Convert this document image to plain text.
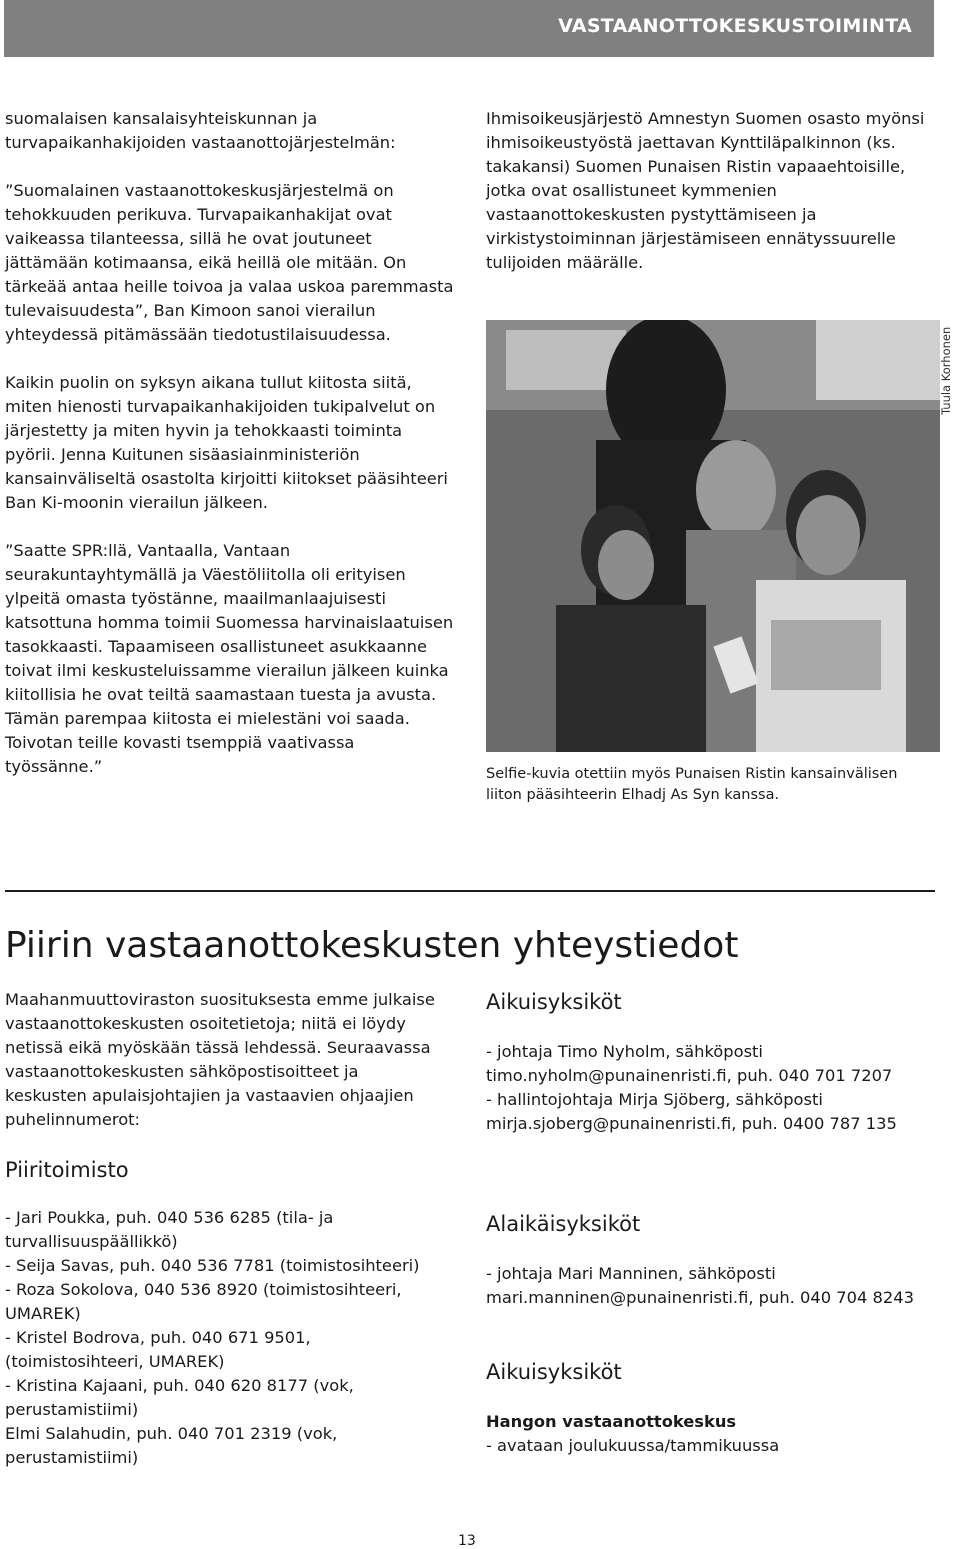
VASTAANOTTOKESKUSTOIMINTA

suomalaisen kansalaisyhteiskunnan ja turvapaikanhakijoiden vastaanottojärjestelmän:

”Suomalainen vastaanottokeskusjärjestelmä on tehokkuuden perikuva. Turvapaikanhakijat ovat vaikeassa tilanteessa, sillä he ovat joutuneet jättämään kotimaansa, eikä heillä ole mitään. On tärkeää antaa heille toivoa ja valaa uskoa paremmasta tulevaisuudesta”, Ban Kimoon sanoi vierailun yhteydessä pitämässään tiedotustilaisuudessa.

Kaikin puolin on syksyn aikana tullut kiitosta siitä, miten hienosti turvapaikanhakijoiden tukipalvelut on järjestetty ja miten hyvin ja tehokkaasti toiminta pyörii. Jenna Kuitunen sisäasiainministeriön kansainväliseltä osastolta kirjoitti kiitokset pääsihteeri Ban Ki-moonin vierailun jälkeen.

”Saatte SPR:llä, Vantaalla, Vantaan seurakuntayhtymällä ja Väestöliitolla oli erityisen ylpeitä omasta työstänne, maailmanlaajuisesti katsottuna homma toimii Suomessa harvinaislaatuisen tasokkaasti. Tapaamiseen osallistuneet asukkaanne toivat ilmi keskusteluissamme vierailun jälkeen kuinka kiitollisia he ovat teiltä saamastaan tuesta ja avusta. Tämän parempaa kiitosta ei mielestäni voi saada. Toivotan teille kovasti tsemppiä vaativassa työssänne.”

Ihmisoikeusjärjestö Amnestyn Suomen osasto myönsi ihmisoikeustyöstä jaettavan Kynttiläpalkinnon (ks. takakansi) Suomen Punaisen Ristin vapaaehtoisille, jotka ovat osallistuneet kymmenien vastaanottokeskusten pystyttämiseen ja virkistystoiminnan järjestämiseen ennätyssuurelle tulijoiden määrälle.

Tuula Korhonen
Selfie-kuvia otettiin myös Punaisen Ristin kansainvälisen liiton pääsihteerin Elhadj As Syn kanssa.
Piirin vastaanottokeskusten yhteystiedot

Maahanmuuttoviraston suosituksesta emme julkaise vastaanottokeskusten osoitetietoja; niitä ei löydy netissä eikä myöskään tässä lehdessä. Seuraavassa vastaanottokeskusten sähköpostisoitteet ja keskusten apulaisjohtajien ja vastaavien ohjaajien puhelinnumerot:

Piiritoimisto

- Jari Poukka, puh. 040 536 6285 (tila- ja turvallisuuspäällikkö)

- Seija Savas, puh. 040 536 7781 (toimistosihteeri)

- Roza Sokolova, 040 536 8920 (toimistosihteeri, UMAREK)

- Kristel Bodrova, puh. 040 671 9501, (toimistosihteeri, UMAREK)

- Kristina Kajaani, puh. 040 620 8177 (vok, perustamistiimi)

Elmi Salahudin, puh. 040 701 2319 (vok, perustamistiimi)

Aikuisyksiköt

- johtaja Timo Nyholm, sähköposti timo.nyholm@punainenristi.fi, puh. 040 701 7207

- hallintojohtaja Mirja Sjöberg, sähköposti mirja.sjoberg@punainenristi.fi, puh. 0400 787 135

Alaikäisyksiköt

- johtaja Mari Manninen, sähköposti mari.manninen@punainenristi.fi, puh. 040 704 8243

Aikuisyksiköt

Hangon vastaanottokeskus

- avataan joulukuussa/tammikuussa

13
